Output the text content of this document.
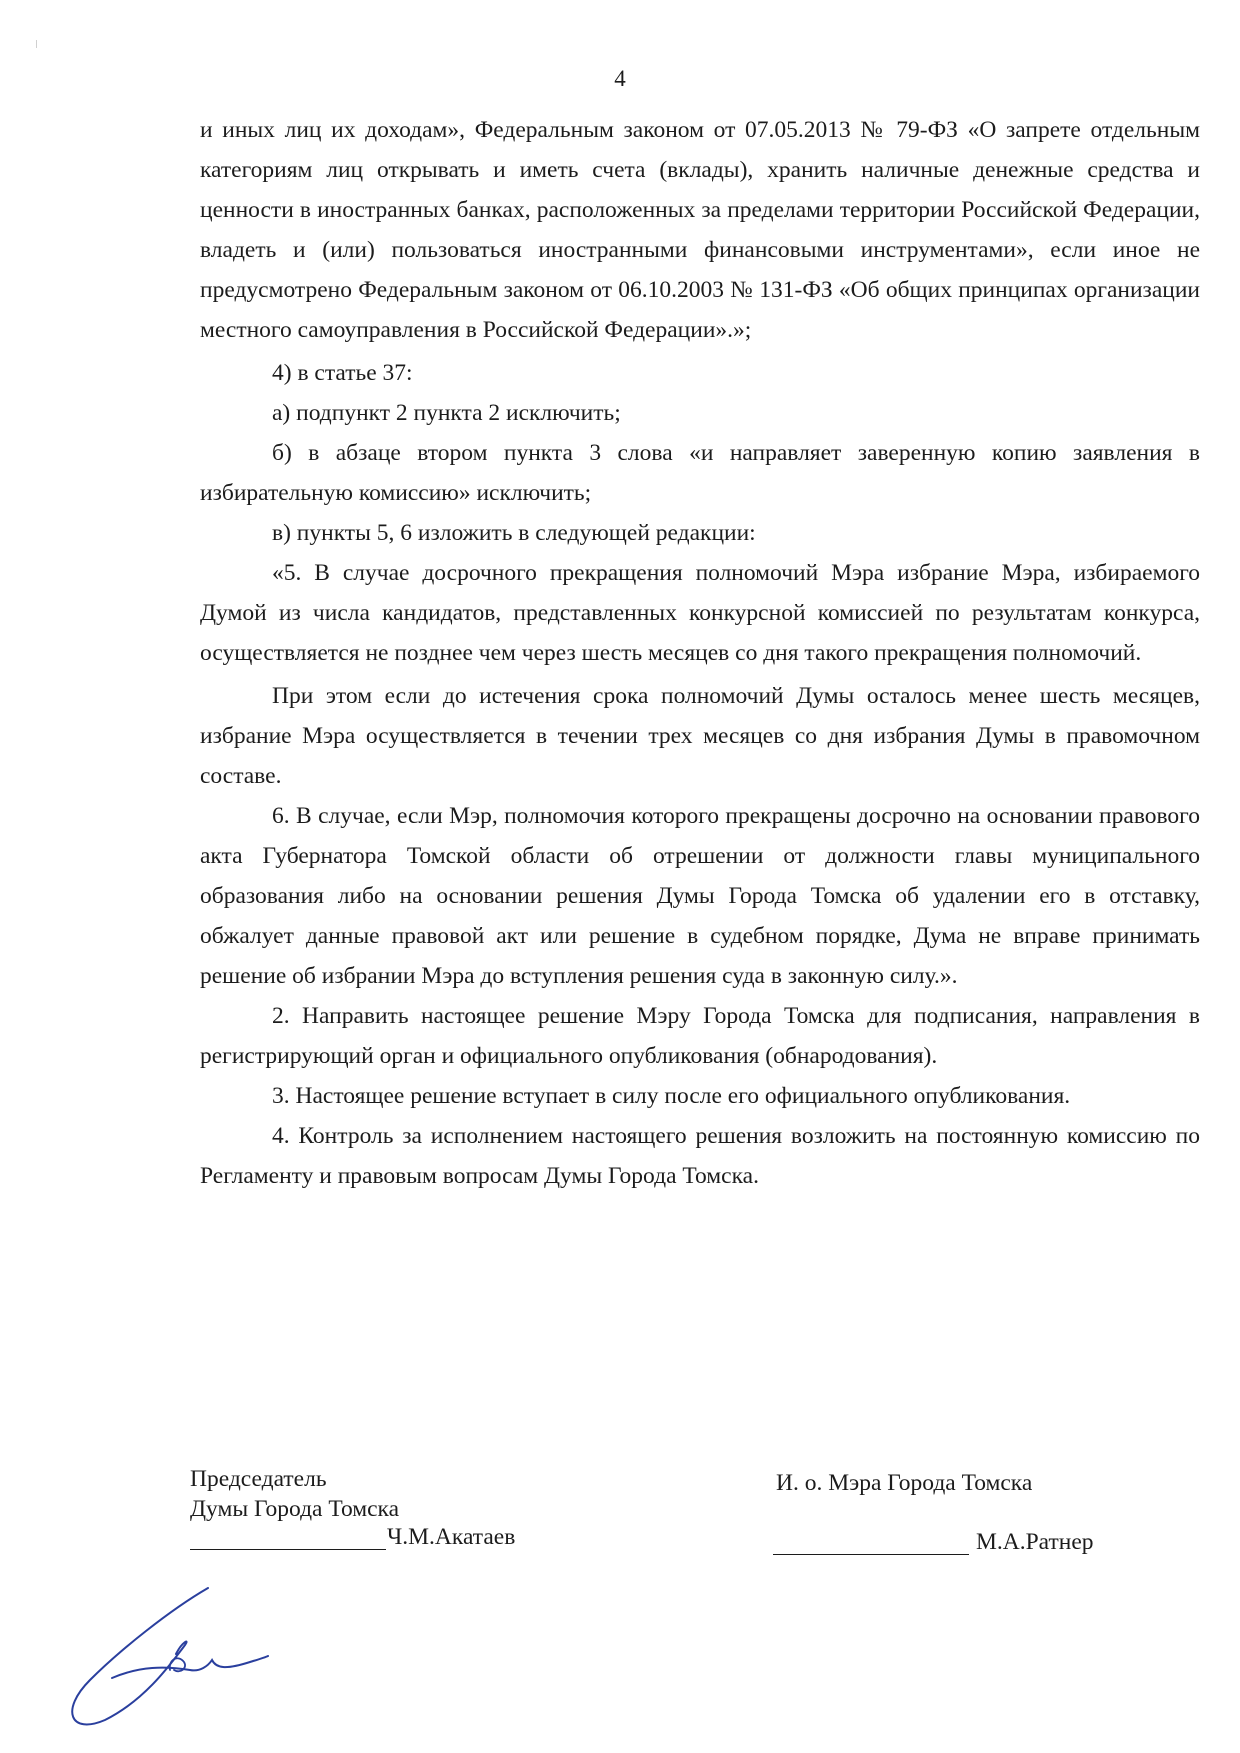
4

и иных лиц их доходам», Федеральным законом от 07.05.2013 № 79-ФЗ «О запрете отдельным категориям лиц открывать и иметь счета (вклады), хранить наличные денежные средства и ценности в иностранных банках, расположенных за пределами территории Российской Федерации, владеть и (или) пользоваться иностранными финансовыми инструментами», если иное не предусмотрено Федеральным законом от 06.10.2003 № 131-ФЗ «Об общих принципах организации местного самоуправления в Российской Федерации».»;

4) в статье 37:

а) подпункт 2 пункта 2 исключить;

б) в абзаце втором пункта 3 слова «и направляет заверенную копию заявления в избирательную комиссию» исключить;

в) пункты 5, 6 изложить в следующей редакции:

«5. В случае досрочного прекращения полномочий Мэра избрание Мэра, избираемого Думой из числа кандидатов, представленных конкурсной комиссией по результатам конкурса, осуществляется не позднее чем через шесть месяцев со дня такого прекращения полномочий.

При этом если до истечения срока полномочий Думы осталось менее шесть месяцев, избрание Мэра осуществляется в течении трех месяцев со дня избрания Думы в правомочном составе.

6. В случае, если Мэр, полномочия которого прекращены досрочно на основании правового акта Губернатора Томской области об отрешении от должности главы муниципального образования либо на основании решения Думы Города Томска об удалении его в отставку, обжалует данные правовой акт или решение в судебном порядке, Дума не вправе принимать решение об избрании Мэра до вступления решения суда в законную силу.».

2. Направить настоящее решение Мэру Города Томска для подписания, направления в регистрирующий орган и официального опубликования (обнародования).

3. Настоящее решение вступает в силу после его официального опубликования.

4. Контроль за исполнением настоящего решения возложить на постоянную комиссию по Регламенту и правовым вопросам Думы Города Томска.

Председатель
Думы Города Томска
И. о. Мэра Города Томска
Ч.М.Акатаев	М.А.Ратнер
